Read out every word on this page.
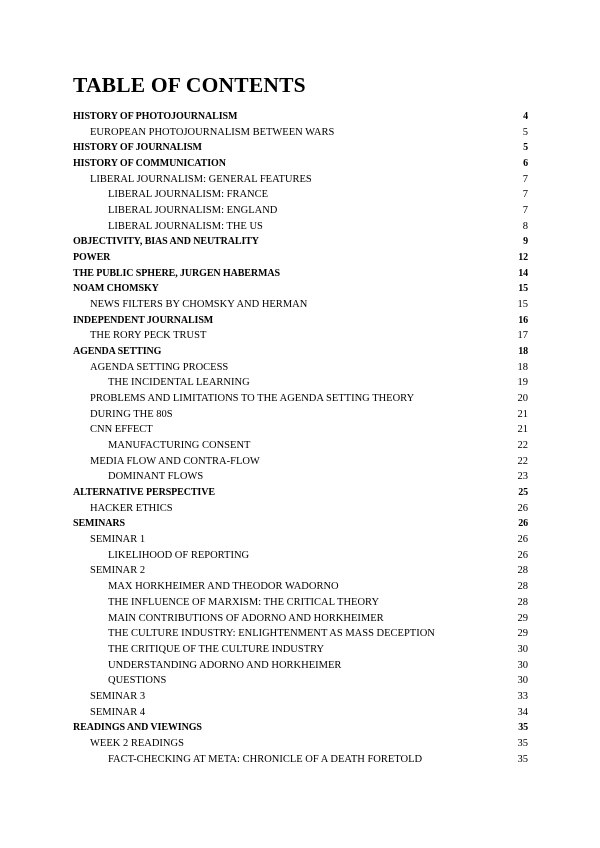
TABLE OF CONTENTS
HISTORY OF PHOTOJOURNALISM	4
EUROPEAN PHOTOJOURNALISM BETWEEN WARS	5
HISTORY OF JOURNALISM	5
HISTORY OF COMMUNICATION	6
LIBERAL JOURNALISM: GENERAL FEATURES	7
LIBERAL JOURNALISM: FRANCE	7
LIBERAL JOURNALISM: ENGLAND	7
LIBERAL JOURNALISM: THE US	8
OBJECTIVITY, BIAS AND NEUTRALITY	9
POWER	12
THE PUBLIC SPHERE, JURGEN HABERMAS	14
NOAM CHOMSKY	15
NEWS FILTERS BY CHOMSKY AND HERMAN	15
INDEPENDENT JOURNALISM	16
THE RORY PECK TRUST	17
AGENDA SETTING	18
AGENDA SETTING PROCESS	18
THE INCIDENTAL LEARNING	19
PROBLEMS AND LIMITATIONS TO THE AGENDA SETTING THEORY	20
DURING THE 80S	21
CNN EFFECT	21
MANUFACTURING CONSENT	22
MEDIA FLOW AND CONTRA-FLOW	22
DOMINANT FLOWS	23
ALTERNATIVE PERSPECTIVE	25
HACKER ETHICS	26
SEMINARS	26
SEMINAR 1	26
LIKELIHOOD OF REPORTING	26
SEMINAR 2	28
MAX HORKHEIMER AND THEODOR WADORNO	28
THE INFLUENCE OF MARXISM: THE CRITICAL THEORY	28
MAIN CONTRIBUTIONS OF ADORNO AND HORKHEIMER	29
THE CULTURE INDUSTRY: ENLIGHTENMENT AS MASS DECEPTION	29
THE CRITIQUE OF THE CULTURE INDUSTRY	30
UNDERSTANDING ADORNO AND HORKHEIMER	30
QUESTIONS	30
SEMINAR 3	33
SEMINAR 4	34
READINGS AND VIEWINGS	35
WEEK 2 READINGS	35
FACT-CHECKING AT META: CHRONICLE OF A DEATH FORETOLD	35
